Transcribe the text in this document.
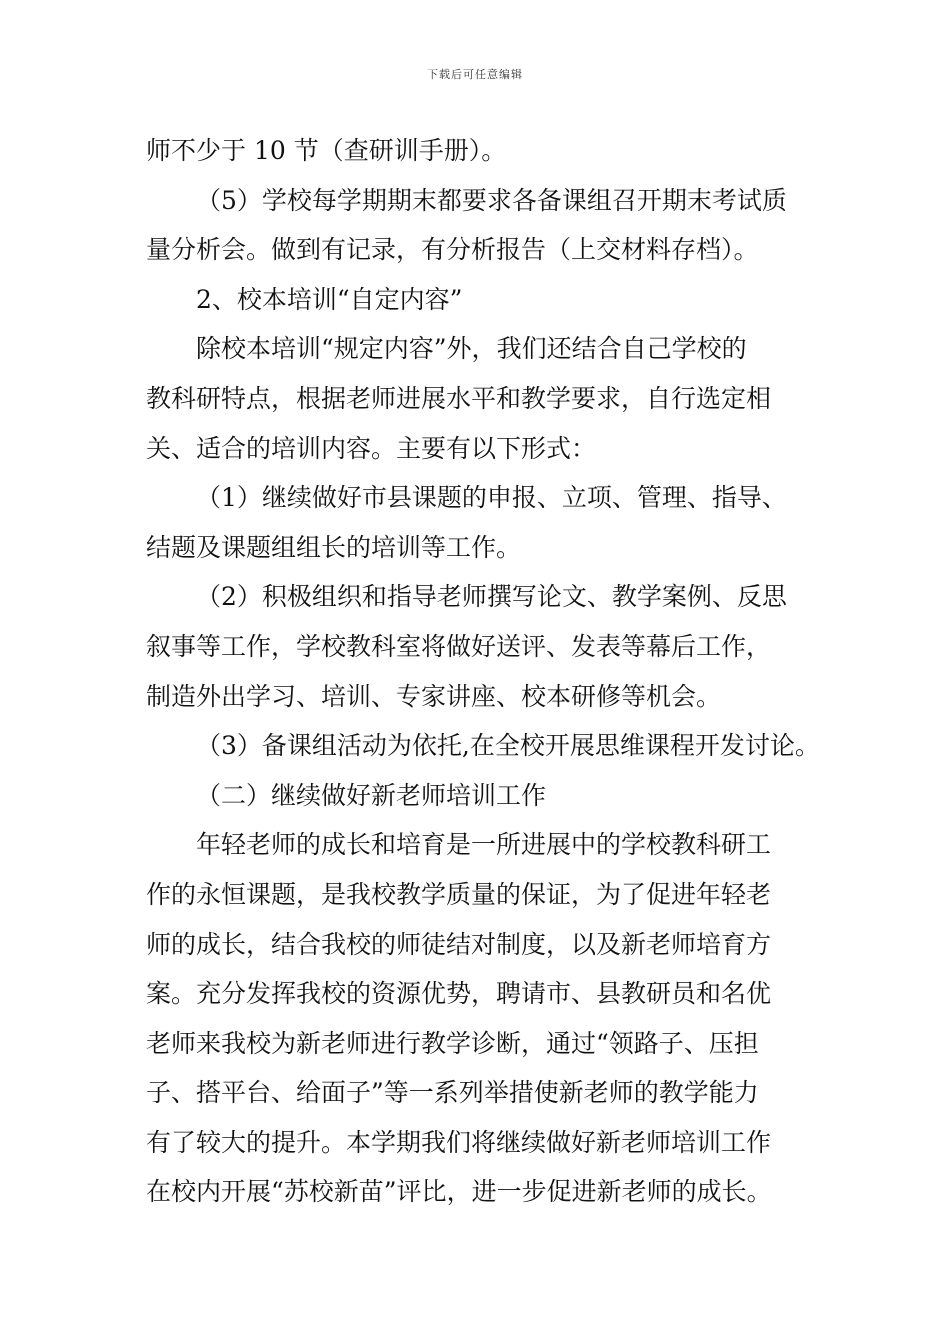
下载后可任意编辑

师不少于 10 节（查研训手册）。

（5）学校每学期期末都要求各备课组召开期末考试质

量分析会。做到有记录，有分析报告（上交材料存档）。

2、校本培训“自定内容”

除校本培训“规定内容”外，我们还结合自己学校的

教科研特点，根据老师进展水平和教学要求，自行选定相

关、适合的培训内容。主要有以下形式：

（1）继续做好市县课题的申报、立项、管理、指导、

结题及课题组组长的培训等工作。

（2）积极组织和指导老师撰写论文、教学案例、反思

叙事等工作，学校教科室将做好送评、发表等幕后工作，

制造外出学习、培训、专家讲座、校本研修等机会。

（3）备课组活动为依托,在全校开展思维课程开发讨论。

（二）继续做好新老师培训工作

年轻老师的成长和培育是一所进展中的学校教科研工

作的永恒课题，是我校教学质量的保证，为了促进年轻老

师的成长，结合我校的师徒结对制度，以及新老师培育方

案。充分发挥我校的资源优势，聘请市、县教研员和名优

老师来我校为新老师进行教学诊断，通过“领路子、压担

子、搭平台、给面子”等一系列举措使新老师的教学能力

有了较大的提升。本学期我们将继续做好新老师培训工作

在校内开展“苏校新苗”评比，进一步促进新老师的成长。
